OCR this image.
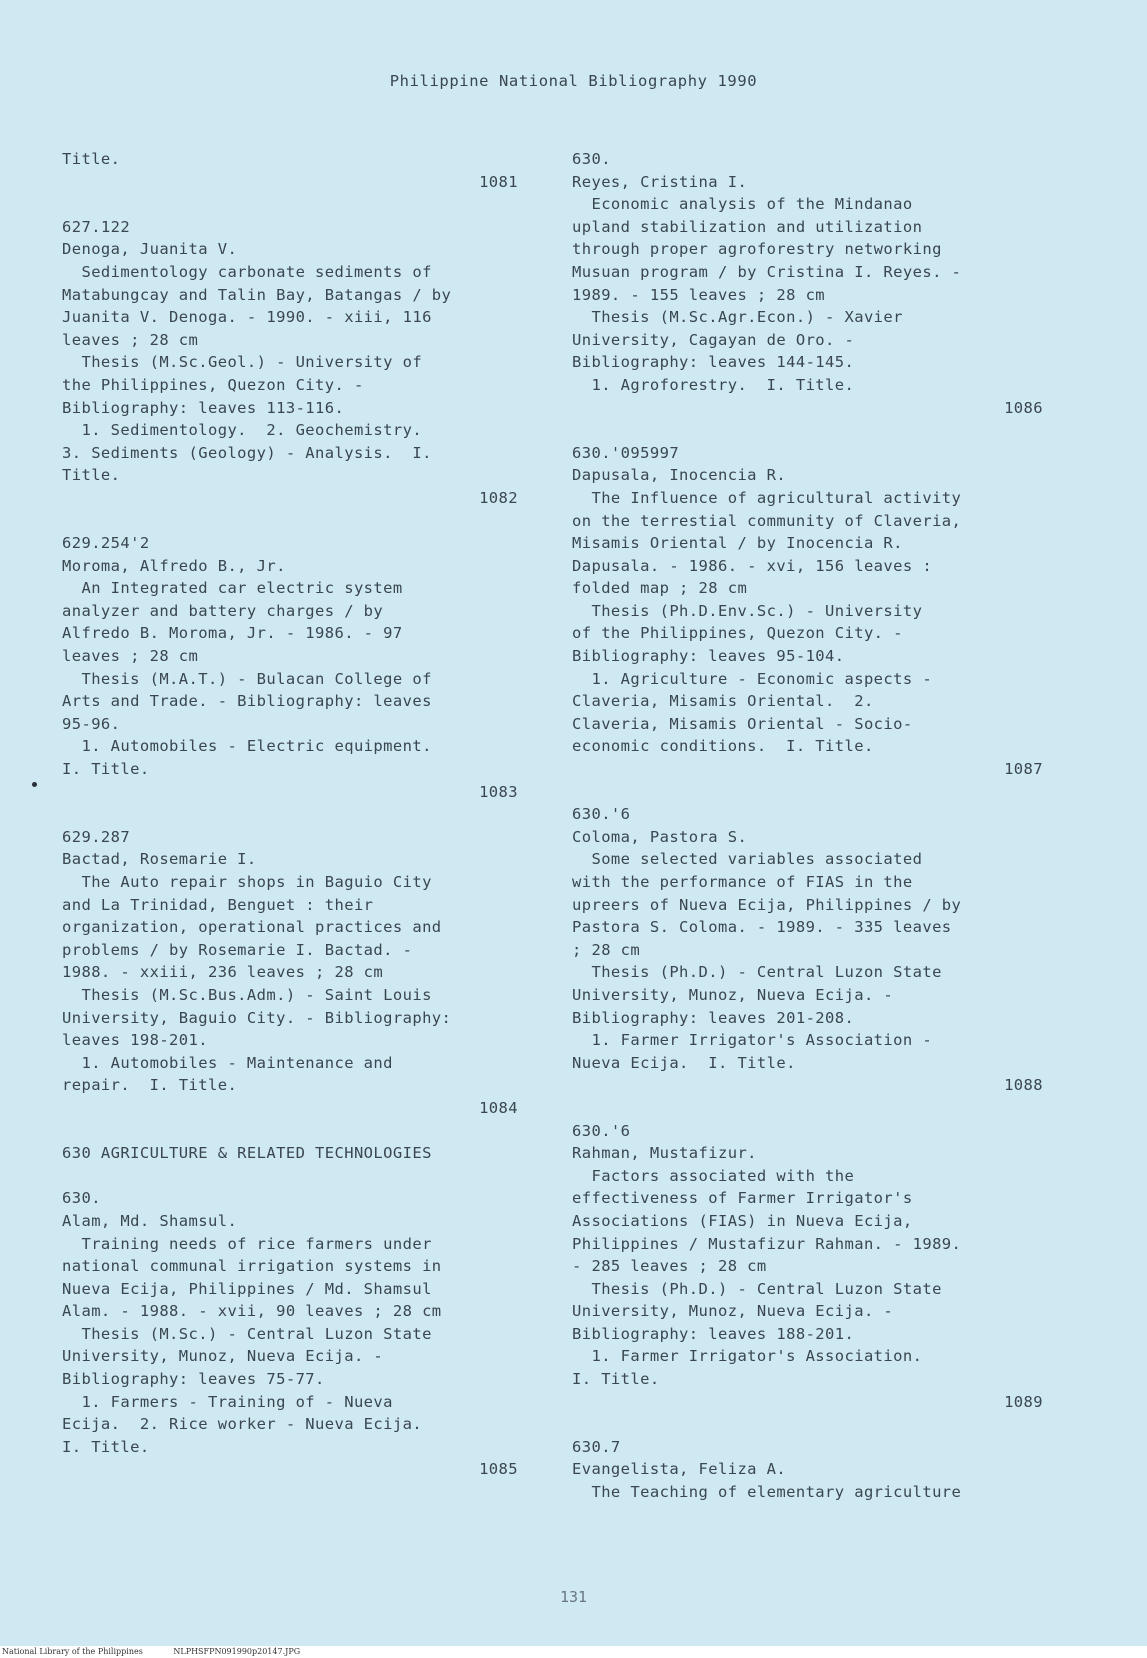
Philippine National Bibliography 1990
Title.
1081
627.122
Denoga, Juanita V.
Sedimentology carbonate sediments of
Matabungcay and Talin Bay, Batangas / by
Juanita V. Denoga. - 1990. - xiii, 116
leaves ; 28 cm
Thesis (M.Sc.Geol.) - University of
the Philippines, Quezon City. -
Bibliography: leaves 113-116.
1. Sedimentology.  2. Geochemistry.
3. Sediments (Geology) - Analysis.  I.
Title.
1082
629.254'2
Moroma, Alfredo B., Jr.
An Integrated car electric system
analyzer and battery charges / by
Alfredo B. Moroma, Jr. - 1986. - 97
leaves ; 28 cm
Thesis (M.A.T.) - Bulacan College of
Arts and Trade. - Bibliography: leaves
95-96.
1. Automobiles - Electric equipment.
I. Title.
1083
629.287
Bactad, Rosemarie I.
The Auto repair shops in Baguio City
and La Trinidad, Benguet : their
organization, operational practices and
problems / by Rosemarie I. Bactad. -
1988. - xxiii, 236 leaves ; 28 cm
Thesis (M.Sc.Bus.Adm.) - Saint Louis
University, Baguio City. - Bibliography:
leaves 198-201.
1. Automobiles - Maintenance and
repair.  I. Title.
1084
630 AGRICULTURE & RELATED TECHNOLOGIES
630.
Alam, Md. Shamsul.
Training needs of rice farmers under
national communal irrigation systems in
Nueva Ecija, Philippines / Md. Shamsul
Alam. - 1988. - xvii, 90 leaves ; 28 cm
Thesis (M.Sc.) - Central Luzon State
University, Munoz, Nueva Ecija. -
Bibliography: leaves 75-77.
1. Farmers - Training of - Nueva
Ecija.  2. Rice worker - Nueva Ecija.
I. Title.
1085
630.
Reyes, Cristina I.
Economic analysis of the Mindanao
upland stabilization and utilization
through proper agroforestry networking
Musuan program / by Cristina I. Reyes. -
1989. - 155 leaves ; 28 cm
Thesis (M.Sc.Agr.Econ.) - Xavier
University, Cagayan de Oro. -
Bibliography: leaves 144-145.
1. Agroforestry.  I. Title.
1086
630.'095997
Dapusala, Inocencia R.
The Influence of agricultural activity
on the terrestial community of Claveria,
Misamis Oriental / by Inocencia R.
Dapusala. - 1986. - xvi, 156 leaves :
folded map ; 28 cm
Thesis (Ph.D.Env.Sc.) - University
of the Philippines, Quezon City. -
Bibliography: leaves 95-104.
1. Agriculture - Economic aspects -
Claveria, Misamis Oriental.  2.
Claveria, Misamis Oriental - Socio-
economic conditions.  I. Title.
1087
630.'6
Coloma, Pastora S.
Some selected variables associated
with the performance of FIAS in the
upreers of Nueva Ecija, Philippines / by
Pastora S. Coloma. - 1989. - 335 leaves
; 28 cm
Thesis (Ph.D.) - Central Luzon State
University, Munoz, Nueva Ecija. -
Bibliography: leaves 201-208.
1. Farmer Irrigator's Association -
Nueva Ecija.  I. Title.
1088
630.'6
Rahman, Mustafizur.
Factors associated with the
effectiveness of Farmer Irrigator's
Associations (FIAS) in Nueva Ecija,
Philippines / Mustafizur Rahman. - 1989.
- 285 leaves ; 28 cm
Thesis (Ph.D.) - Central Luzon State
University, Munoz, Nueva Ecija. -
Bibliography: leaves 188-201.
1. Farmer Irrigator's Association.
I. Title.
1089
630.7
Evangelista, Feliza A.
The Teaching of elementary agriculture
131
National Library of the Philippines	NLPHSFPN091990p20147.JPG
